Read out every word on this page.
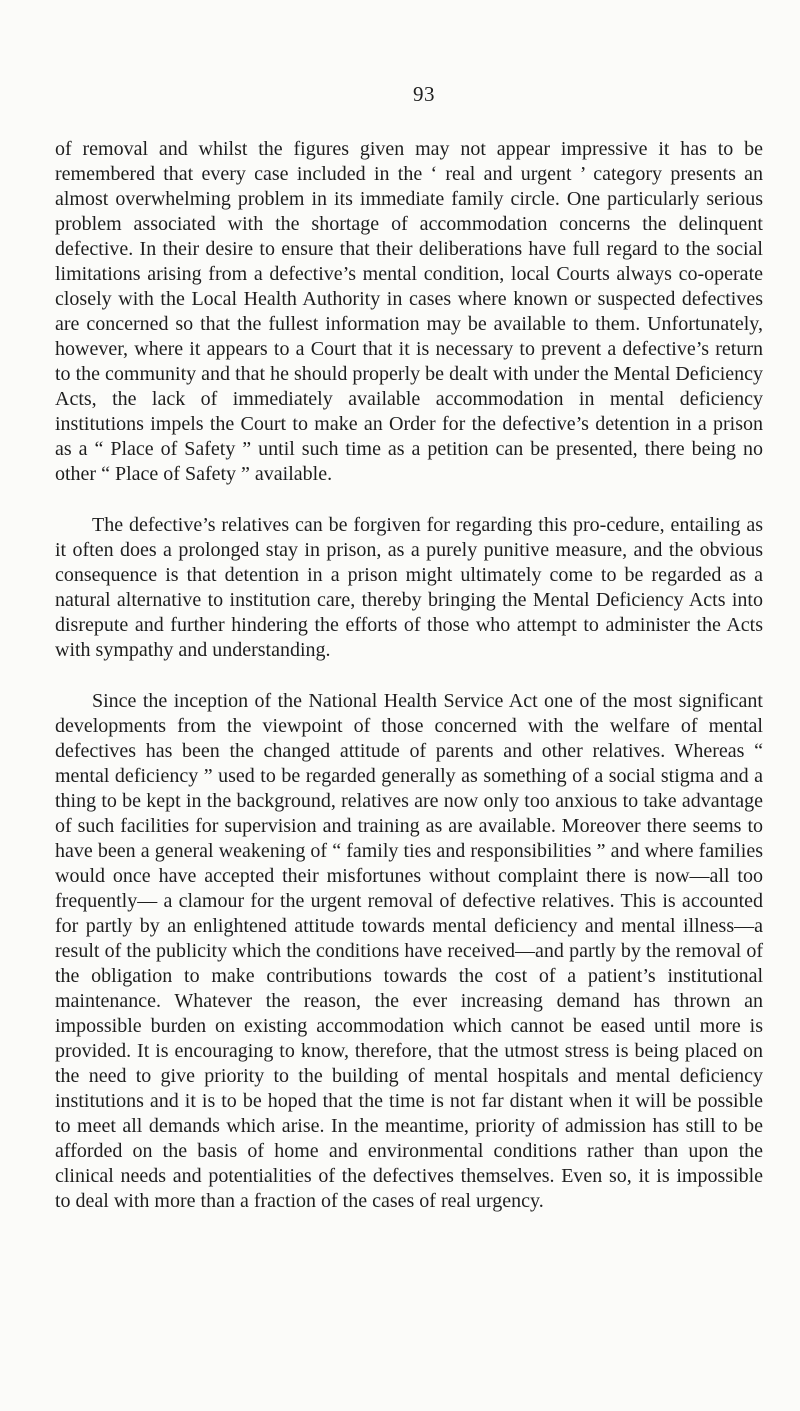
93

of removal and whilst the figures given may not appear impressive it has to be remembered that every case included in the ‘ real and urgent ’ category presents an almost overwhelming problem in its immediate family circle. One particularly serious problem associated with the shortage of accommodation concerns the delinquent defective. In their desire to ensure that their deliberations have full regard to the social limitations arising from a defective’s mental condition, local Courts always co-operate closely with the Local Health Authority in cases where known or suspected defectives are concerned so that the fullest information may be available to them. Unfortunately, however, where it appears to a Court that it is necessary to prevent a defective’s return to the community and that he should properly be dealt with under the Mental Deficiency Acts, the lack of immediately available accommodation in mental deficiency institutions impels the Court to make an Order for the defective’s detention in a prison as a “ Place of Safety ” until such time as a petition can be presented, there being no other “ Place of Safety ” available.

The defective’s relatives can be forgiven for regarding this pro-cedure, entailing as it often does a prolonged stay in prison, as a purely punitive measure, and the obvious consequence is that detention in a prison might ultimately come to be regarded as a natural alternative to institution care, thereby bringing the Mental Deficiency Acts into disrepute and further hindering the efforts of those who attempt to administer the Acts with sympathy and understanding.

Since the inception of the National Health Service Act one of the most significant developments from the viewpoint of those concerned with the welfare of mental defectives has been the changed attitude of parents and other relatives. Whereas “ mental deficiency ” used to be regarded generally as something of a social stigma and a thing to be kept in the background, relatives are now only too anxious to take advantage of such facilities for supervision and training as are available. Moreover there seems to have been a general weakening of “ family ties and responsibilities ” and where families would once have accepted their misfortunes without complaint there is now—all too frequently— a clamour for the urgent removal of defective relatives. This is accounted for partly by an enlightened attitude towards mental deficiency and mental illness—a result of the publicity which the conditions have received—and partly by the removal of the obligation to make contributions towards the cost of a patient’s institutional maintenance. Whatever the reason, the ever increasing demand has thrown an impossible burden on existing accommodation which cannot be eased until more is provided. It is encouraging to know, therefore, that the utmost stress is being placed on the need to give priority to the building of mental hospitals and mental deficiency institutions and it is to be hoped that the time is not far distant when it will be possible to meet all demands which arise. In the meantime, priority of admission has still to be afforded on the basis of home and environmental conditions rather than upon the clinical needs and potentialities of the defectives themselves. Even so, it is impossible to deal with more than a fraction of the cases of real urgency.
